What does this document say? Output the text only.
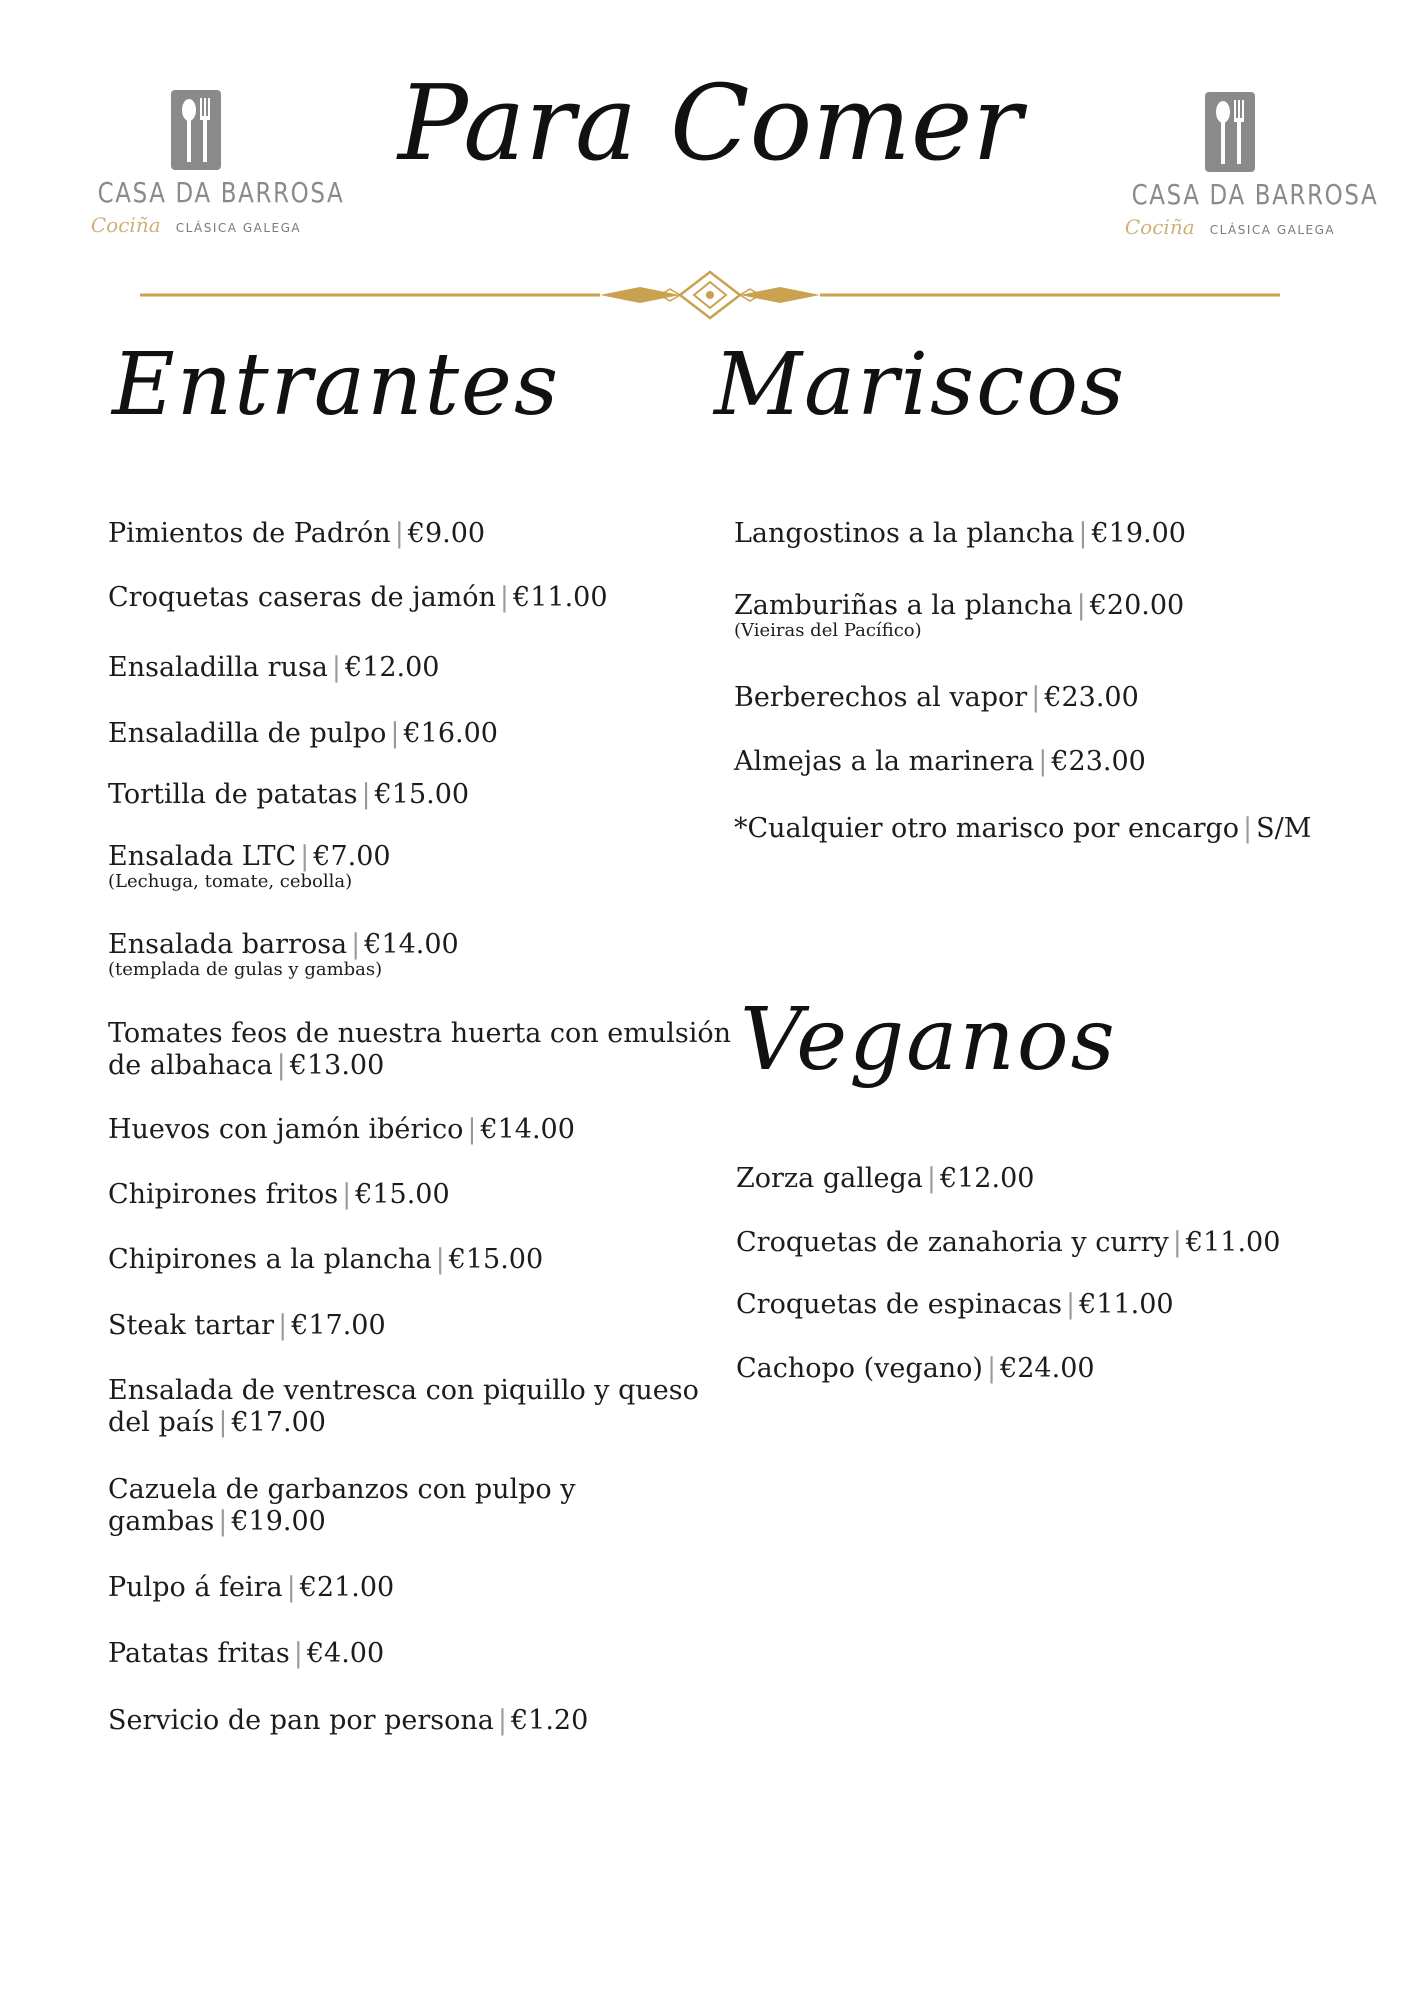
CASA DA BARROSA
Cociña CLÁSICA GALEGA
CASA DA BARROSA
Cociña CLÁSICA GALEGA
Para Comer
Entrantes Mariscos
Veganos
Pimientos de Padrón | €9.00
Croquetas caseras de jamón | €11.00
Ensaladilla rusa | €12.00
Ensaladilla de pulpo | €16.00
Tortilla de patatas | €15.00
Ensalada LTC | €7.00
(Lechuga, tomate, cebolla)
Ensalada barrosa | €14.00
(templada de gulas y gambas)
Tomates feos de nuestra huerta con emulsión
de albahaca | €13.00
Huevos con jamón ibérico | €14.00
Chipirones fritos | €15.00
Chipirones a la plancha | €15.00
Steak tartar | €17.00
Ensalada de ventresca con piquillo y queso
del país | €17.00
Cazuela de garbanzos con pulpo y
gambas | €19.00
Pulpo á feira | €21.00
Patatas fritas | €4.00
Servicio de pan por persona | €1.20
Langostinos a la plancha | €19.00
Zamburiñas a la plancha | €20.00
(Vieiras del Pacífico)
Berberechos al vapor | €23.00
Almejas a la marinera | €23.00
*Cualquier otro marisco por encargo | S/M
Zorza gallega | €12.00
Croquetas de zanahoria y curry | €11.00
Croquetas de espinacas | €11.00
Cachopo (vegano) | €24.00
